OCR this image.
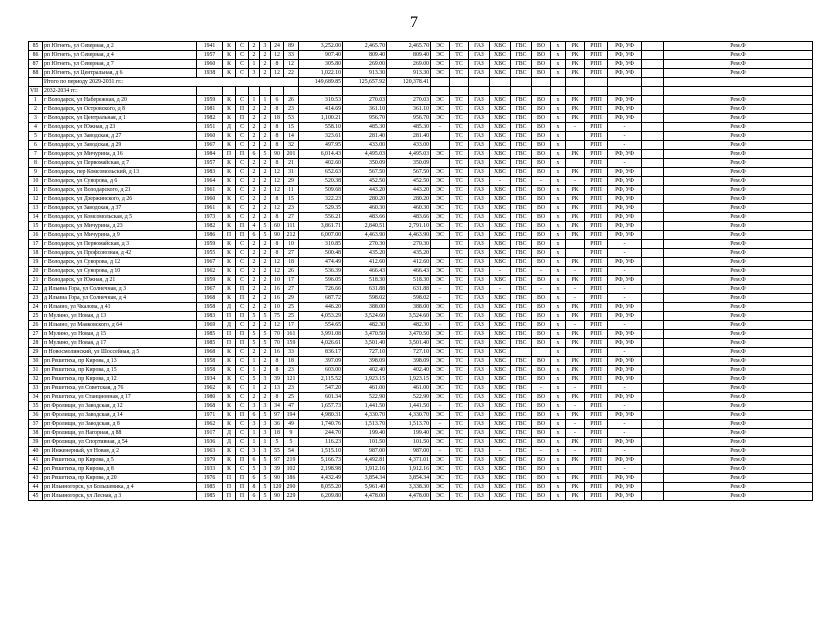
7
85	рп Югнеть, ул Северная, д 2	1941	К	С	2	3	24	89	3,252.00	2,465.70	2,465.70	ЭС	ТС	ГАЗ	ХВС	ГВС	ВО	х	РК	РПП	РФ, УФ		Рем.Ф
86	рп Югнеть, ул Северная, д 4	1957	К	С	2	2	12	33	907.40	809.40	809.40	ЭС	ТС	ГАЗ	ХВС	ГВС	ВО	х	РК	РПП	РФ, УФ		Рем.Ф
87	рп Югнеть, ул Северная, д 7	1960	К	С	1	2	8	12	305.80	269.00	269.00	ЭС	ТС	ГАЗ	ХВС	ГВС	ВО	х	РК	РПП	РФ, УФ		Рем.Ф
88	рп Югнеть, ул Центральная, д 6	1938	К	С	3	2	12	22	1,022.10	913.30	913.30	ЭС	ТС	ГАЗ	ХВС	ГВС	ВО	х	РК	РПП	РФ, УФ		Рем.Ф
	Итого по периоду 2029-2031 гг.:								149,689.85	125,657.92	120,378.41												
VII	2032-2034 гг.:																						
1	г Володарск, ул Набережная, д 20	1959	К	С	1	1	6	26	310.53	270.03	270.03	ЭС	ТС	ГАЗ	ХВС	ГВС	ВО	х	РК	РПП	РФ, УФ		Рем.Ф
2	г Володарск, ул Островского, д 8	1981	К	П	2	2	8	23	414.69	361.10	361.10	ЭС	ТС	ГАЗ	ХВС	ГВС	ВО	х	РК	РПП	РФ, УФ		Рем.Ф
3	г Володарск, ул Центральная, д 1	1982	К	П	2	2	18	53	1,100.21	956.70	956.70	ЭС	ТС	ГАЗ	ХВС	ГВС	ВО	х	РК	РПП	РФ, УФ		Рем.Ф
4	г Володарск, ул Южная, д 23	1951	Д	С	2	2	8	15	558.10	485.30	485.30	-	ТС	ГАЗ	ХВС	ГВС	ВО	х	-	РПП	-		Рем.Ф
5	г Володарск, ул Заводская, д 27	1960	К	С	2	2	8	14	323.61	281.40	281.40		ТС	ГАЗ	ХВС	ГВС	ВО	х		РПП	-		Рем.Ф
6	г Володарск, ул Заводская, д 29	1967	К	С	2	2	8	32	497.95	433.00	433.00		ТС	ГАЗ	ХВС	ГВС	ВО	х		РПП	-		Рем.Ф
7	г Володарск, ул Мичурина, д 16	1984	П	П	6	5	90	201	6,014.43	4,495.03	4,495.03	ЭС	ТС	ГАЗ	ХВС	ГВС	ВО	х	РК	РПП	РФ, УФ		Рем.Ф
8	г Володарск, ул Первомайская, д 7	1957	К	С	2	2	8	21	402.60	350.09	350.09		ТС	ГАЗ	ХВС	ГВС	ВО	х		РПП	-		Рем.Ф
9	г Володарск, пер Комсомольский, д 13	1983	К	С	2	2	12	31	652.63	567.50	567.50	ЭС	ТС	ГАЗ	ХВС	ГВС	ВО	х	РК	РПП	РФ, УФ		Рем.Ф
10	г Володарск, ул Суворова, д 6	1964	К	С	2	2	12	29	520.38	452.50	452.50	ЭС	ТС	ГАЗ	-	ГВС	-	х	-	РПП	РФ, УФ		Рем.Ф
11	г Володарск, ул Володарского, д 21	1961	К	С	2	2	12	11	509.68	443.20	443.20	ЭС	ТС	ГАЗ	ХВС	ГВС	ВО	х	РК	РПП	РФ, УФ		Рем.Ф
12	г Володарск, ул Дзержинского, д 26	1960	К	С	2	2	8	15	322.23	280.20	280.20	ЭС	ТС	ГАЗ	ХВС	ГВС	ВО	х	РК	РПП	РФ, УФ		Рем.Ф
13	г Володарск, ул Заводская, д 37	1961	К	С	2	2	12	23	529.35	460.30	460.30	ЭС	ТС	ГАЗ	ХВС	ГВС	ВО	х	РК	РПП	РФ, УФ		Рем.Ф
14	г Володарск, ул Комсомольская, д 5	1973	К	С	2	2	8	27	556.21	483.66	483.66	ЭС	ТС	ГАЗ	ХВС	ГВС	ВО	х	РК	РПП	РФ, УФ		Рем.Ф
15	г Володарск, ул Мичурина, д 23	1982	К	П	4	5	60	111	3,861.71	2,840.51	2,791.10	ЭС	ТС	ГАЗ	ХВС	ГВС	ВО	х	РК	РПП	РФ, УФ		Рем.Ф
16	г Володарск, ул Мичурина, д 9	1986	П	П	6	5	90	212	6,007.00	4,463.90	4,463.90	ЭС	ТС	ГАЗ	ХВС	ГВС	ВО	х	РК	РПП	РФ, УФ		Рем.Ф
17	г Володарск, ул Первомайская, д 3	1959	К	С	2	2	8	10	310.85	270.30	270.30		ТС	ГАЗ	ХВС	ГВС	ВО	х		РПП	-		Рем.Ф
18	г Володарск, ул Профсоюзная, д 42	1955	К	С	2	2	8	27	500.48	435.20	435.20		ТС	ГАЗ	ХВС	ГВС	ВО	х		РПП	-		Рем.Ф
19	г Володарск, ул Суворова, д 12	1967	К	С	2	2	12	18	474.49	412.60	412.60	ЭС	ТС	ГАЗ	ХВС	ГВС	ВО	х	РК	РПП	РФ, УФ		Рем.Ф
20	г Володарск, ул Суворова, д 10	1962	К	С	2	2	12	26	536.39	466.43	466.43	ЭС	ТС	ГАЗ	-	ГВС	-	х	-	РПП	-		Рем.Ф
21	г Володарск, ул Южная, д 21	1959	К	С	2	2	10	17	596.05	518.30	518.30	ЭС	ТС	ГАЗ	ХВС	ГВС	ВО	х	РК	РПП	РФ, УФ		Рем.Ф
22	д Ильина Гора, ул Солнечная, д 3	1967	К	П	2	2	16	27	726.66	631.88	631.88	-	ТС	ГАЗ	-	ГВС	-	х	-	РПП	-		Рем.Ф
23	д Ильина Гора, ул Солнечная, д 4	1968	К	П	2	2	16	29	687.72	598.02	598.02	-	ТС	ГАЗ	ХВС	ГВС	ВО	х	-	РПП	-		Рем.Ф
24	п Ильино, ул Чкалова, д 41	1958	Д	С	2	2	10	25	446.20	388.00	388.00	ЭС	ТС	ГАЗ	ХВС	ГВС	ВО	х	РК	РПП	РФ, УФ		Рем.Ф
25	п Мулино, ул Новая, д 13	1983	П	П	5	5	75	25	4,053.29	3,524.60	3,524.60	ЭС	ТС	ГАЗ	ХВС	ГВС	ВО	х	РК	РПП	РФ, УФ		Рем.Ф
26	п Ильино, ул Маяковского, д 64	1969	Д	С	2	2	12	17	554.65	482.30	482.30	-	ТС	ГАЗ	ХВС	ГВС	ВО	х	-	РПП	-		Рем.Ф
27	п Мулино, ул Новая, д 15	1985	П	П	5	5	70	161	3,991.08	3,470.50	3,470.50	ЭС	ТС	ГАЗ	ХВС	ГВС	ВО	х	РК	РПП	РФ, УФ		Рем.Ф
28	п Мулино, ул Новая, д 17	1985	П	П	5	5	70	159	4,026.61	3,501.40	3,501.40	ЭС	ТС	ГАЗ	ХВС	ГВС	ВО	х	РК	РПП	РФ, УФ		Рем.Ф
29	п Новосмолинский, ул Шоссейная, д 5	1968	К	С	2	2	16	33	836.17	727.10	727.10	ЭС	ТС	ГАЗ	ХВС			х		РПП	-		Рем.Ф
30	рп Решетиха, пр Кирова, д 13	1958	К	С	1	2	8	18	397.09	398.09	398.09	ЭС	ТС	ГАЗ	ХВС	ГВС	ВО	х	РК	РПП	РФ, УФ		Рем.Ф
31	рп Решетиха, пр Кирова, д 15	1958	К	С	1	2	8	23	603.00	402.40	402.40	ЭС	ТС	ГАЗ	ХВС	ГВС	ВО	х	РК	РПП	РФ, УФ		Рем.Ф
32	рп Решетиха, пр Кирова, д 12	1934	К	С	5	3	39	121	2,115.52	1,923.15	1,923.15	ЭС	ТС	ГАЗ	ХВС	ГВС	ВО	х	РК	РПП	РФ, УФ		Рем.Ф
33	рп Решетиха, ул Советская, д 76	1962	К	С	1	2	13	23	547.20	461.00	461.00	ЭС	ТС	ГАЗ	ХВС	ГВС	-	х	-	РПП	-		Рем.Ф
34	рп Решетиха, ул Станционная, д 17	1980	К	С	2	2	8	25	601.34	522.90	522.90	ЭС	ТС	ГАЗ	ХВС	ГВС	ВО	х	РК	РПП	РФ, УФ		Рем.Ф
35	рп Фролищи, ул Заводская, д 12	1968	К	С	3	3	34	47	1,657.73	1,441.50	1,441.50	-	ТС	ГАЗ	ХВС	ГВС	ВО	х	-	РПП	-		Рем.Ф
36	рп Фролищи, ул Заводская, д 14	1971	К	П	6	5	97	194	4,980.31	4,330.70	4,330.70	ЭС	ТС	ГАЗ	ХВС	ГВС	ВО	х	РК	РПП	РФ, УФ		Рем.Ф
37	рп Фролищи, ул Заводская, д 8	1962	К	С	3	3	36	49	1,740.76	1,513.70	1,513.70	-	ТС	ГАЗ	ХВС	ГВС	ВО	х	-	РПП	-		Рем.Ф
38	рп Фролищи, ул Нагорная, д 88	1917	Д	С	1	3	18	9	244.70	199.40	199.40	ЭС	ТС	ГАЗ	ХВС	ГВС	ВО	х	-	РПП	-		Рем.Ф
39	рп Фролищи, ул Спортивная, д 54	1936	Д	С	1	1	5	5	116.23	101.50	101.50	ЭС	ТС	ГАЗ	ХВС	ГВС	ВО	х	РК	РПП	РФ, УФ		Рем.Ф
40	рп Инженерный, ул Новая, д 2	1963	К	С	3	3	55	54	1,515.10	987.00	987.00	-	ТС	ГАЗ	-	ГВС	-	х	-	РПП	-		Рем.Ф
41	рп Решетиха, пр Кирова, д 5	1979	К	П	6	5	97	219	5,166.73	4,492.81	4,371.01	ЭС	ТС	ГАЗ	ХВС	ГВС	ВО	х	РК	РПП	РФ, УФ		Рем.Ф
42	рп Решетиха, пр Кирова, д 8	1933	К	С	5	3	39	102	2,198.98	1,912.16	1,912.16	ЭС	ТС	ГАЗ	ХВС	ГВС	ВО	х		РПП	-		Рем.Ф
43	рп Решетиха, пр Кирова, д 20	1976	П	П	6	5	90	186	4,432.49	3,854.34	3,854.34	ЭС	ТС	ГАЗ	ХВС	ГВС	ВО	х	РК	РПП	РФ, УФ		Рем.Ф
44	рп Ильиногорск, ул Большевика, д 4	1985	П	П	8	5	120	290	8,055.20	5,961.40	3,338.30	ЭС	ТС	ГАЗ	ХВС	ГВС	ВО	х	РК	РПП	РФ, УФ		Рем.Ф
45	рп Ильиногорск, ул Лесная, д 3	1985	П	П	6	5	90	229	6,209.80	4,478.00	4,478.00	ЭС	ТС	ГАЗ	ХВС	ГВС	ВО	х	РК	РПП	РФ, УФ		Рем.Ф
